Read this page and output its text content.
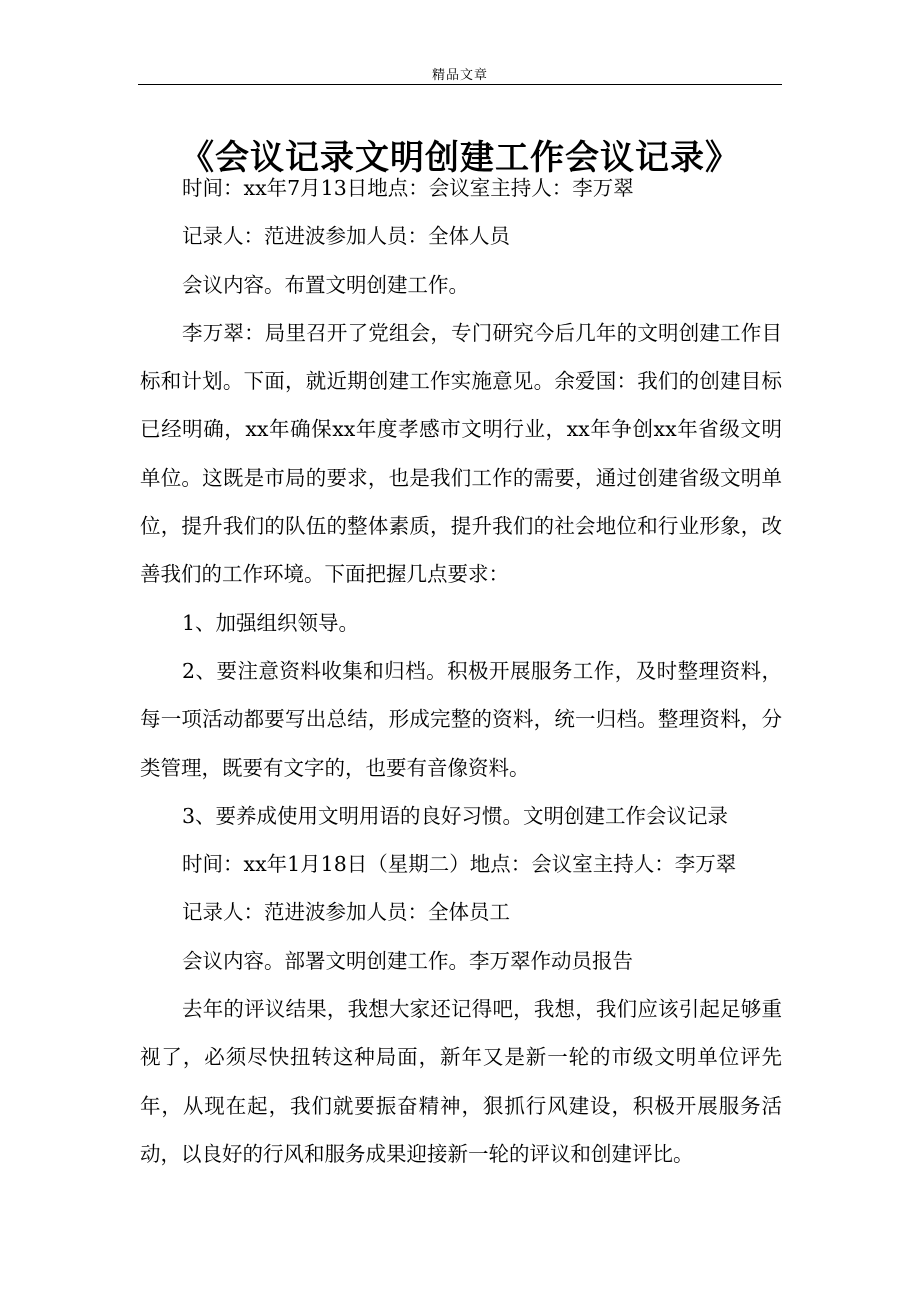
精品文章
《会议记录文明创建工作会议记录》

时间：xx年7月13日地点：会议室主持人：李万翠

记录人：范进波参加人员：全体人员

会议内容。布置文明创建工作。

李万翠：局里召开了党组会，专门研究今后几年的文明创建工作目标和计划。下面，就近期创建工作实施意见。余爱国：我们的创建目标已经明确，xx年确保xx年度孝感市文明行业，xx年争创xx年省级文明单位。这既是市局的要求，也是我们工作的需要，通过创建省级文明单位，提升我们的队伍的整体素质，提升我们的社会地位和行业形象，改善我们的工作环境。下面把握几点要求：

1、加强组织领导。

2、要注意资料收集和归档。积极开展服务工作，及时整理资料，每一项活动都要写出总结，形成完整的资料，统一归档。整理资料，分类管理，既要有文字的，也要有音像资料。

3、要养成使用文明用语的良好习惯。文明创建工作会议记录

时间：xx年1月18日（星期二）地点：会议室主持人：李万翠

记录人：范进波参加人员：全体员工

会议内容。部署文明创建工作。李万翠作动员报告

去年的评议结果，我想大家还记得吧，我想，我们应该引起足够重视了，必须尽快扭转这种局面，新年又是新一轮的市级文明单位评先年，从现在起，我们就要振奋精神，狠抓行风建设，积极开展服务活动，以良好的行风和服务成果迎接新一轮的评议和创建评比。
